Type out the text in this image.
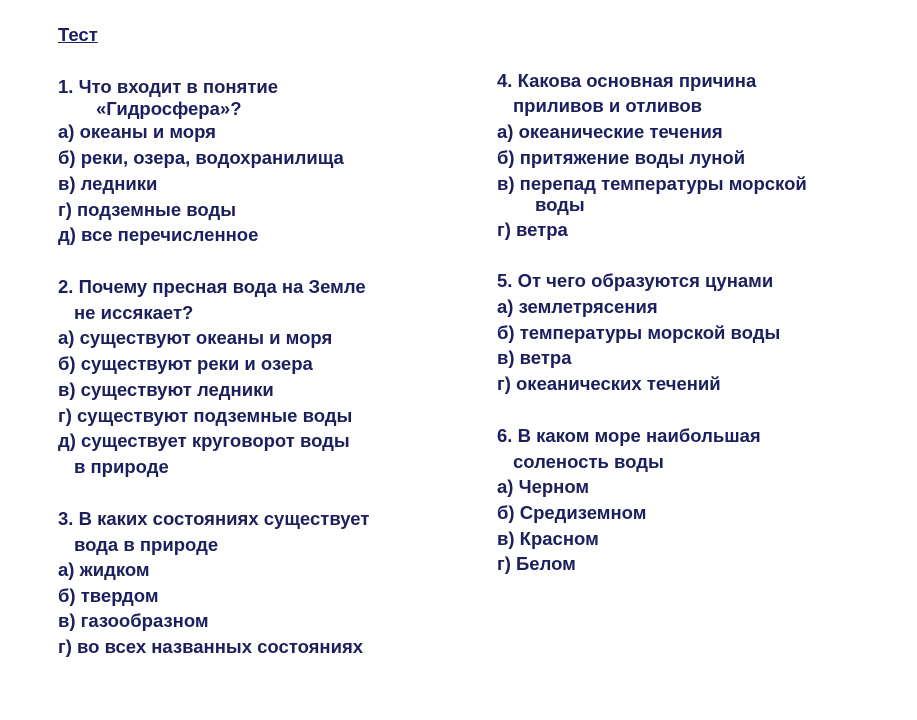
Тест
1. Что входит в понятие
«Гидросфера»?
а) океаны и моря
б) реки, озера, водохранилища
в) ледники
г) подземные воды
д) все перечисленное
2. Почему пресная вода на Земле
не иссякает?
а) существуют океаны и моря
б) существуют реки и озера
в) существуют ледники
г) существуют подземные воды
д) существует круговорот воды
в природе
3. В каких состояниях существует
вода в природе
а) жидком
б) твердом
в) газообразном
г) во всех названных состояниях
4. Какова основная причина
приливов и отливов
а) океанические течения
б) притяжение воды луной
в) перепад температуры морской
воды
г) ветра
5. От чего образуются цунами
а) землетрясения
б) температуры морской воды
в) ветра
г) океанических течений
6. В каком море наибольшая
соленость воды
а) Черном
б) Средиземном
в) Красном
г) Белом
